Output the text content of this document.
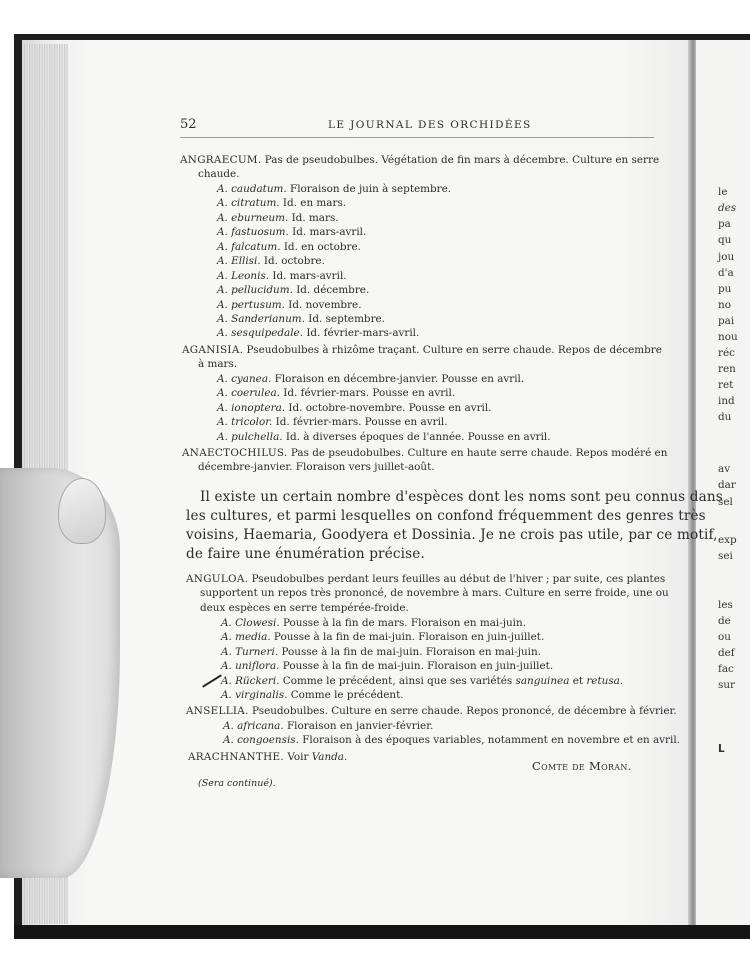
le
des
pa
qu
jou
d'a
pu
no
pai
nou
réc
ren
ret
ind
du
av
dar
sel
exp
sei
les
de
ou
def
fac
sur
L
52	LE JOURNAL DES ORCHIDÉES
ANGRAECUM. Pas de pseudobulbes. Végétation de fin mars à décembre. Culture en serre
chaude.
A. caudatum. Floraison de juin à septembre.
A. citratum. Id. en mars.
A. eburneum. Id. mars.
A. fastuosum. Id. mars-avril.
A. falcatum. Id. en octobre.
A. Ellisi. Id. octobre.
A. Leonis. Id. mars-avril.
A. pellucidum. Id. décembre.
A. pertusum. Id. novembre.
A. Sanderianum. Id. septembre.
A. sesquipedale. Id. février-mars-avril.
AGANISIA. Pseudobulbes à rhizôme traçant. Culture en serre chaude. Repos de décembre
à mars.
A. cyanea. Floraison en décembre-janvier. Pousse en avril.
A. coerulea. Id. février-mars. Pousse en avril.
A. ionoptera. Id. octobre-novembre. Pousse en avril.
A. tricolor. Id. février-mars. Pousse en avril.
A. pulchella. Id. à diverses époques de l'année. Pousse en avril.
ANAECTOCHILUS. Pas de pseudobulbes. Culture en haute serre chaude. Repos modéré en
décembre-janvier. Floraison vers juillet-août.
Il existe un certain nombre d'espèces dont les noms sont peu connus dans
les cultures, et parmi lesquelles on confond fréquemment des genres très
voisins, Haemaria, Goodyera et Dossinia. Je ne crois pas utile, par ce motif,
de faire une énumération précise.
ANGULOA. Pseudobulbes perdant leurs feuilles au début de l'hiver ; par suite, ces plantes
supportent un repos très prononcé, de novembre à mars. Culture en serre froide, une ou
deux espèces en serre tempérée-froide.
A. Clowesi. Pousse à la fin de mars. Floraison en mai-juin.
A. media. Pousse à la fin de mai-juin. Floraison en juin-juillet.
A. Turneri. Pousse à la fin de mai-juin. Floraison en mai-juin.
A. uniflora. Pousse à la fin de mai-juin. Floraison en juin-juillet.
A. Rückeri. Comme le précédent, ainsi que ses variétés sanguinea et retusa.
A. virginalis. Comme le précédent.
ANSELLIA. Pseudobulbes. Culture en serre chaude. Repos prononcé, de décembre à février.
A. africana. Floraison en janvier-février.
A. congoensis. Floraison à des époques variables, notamment en novembre et en avril.
ARACHNANTHE. Voir Vanda.
Comte de Moran.
(Sera continué).
